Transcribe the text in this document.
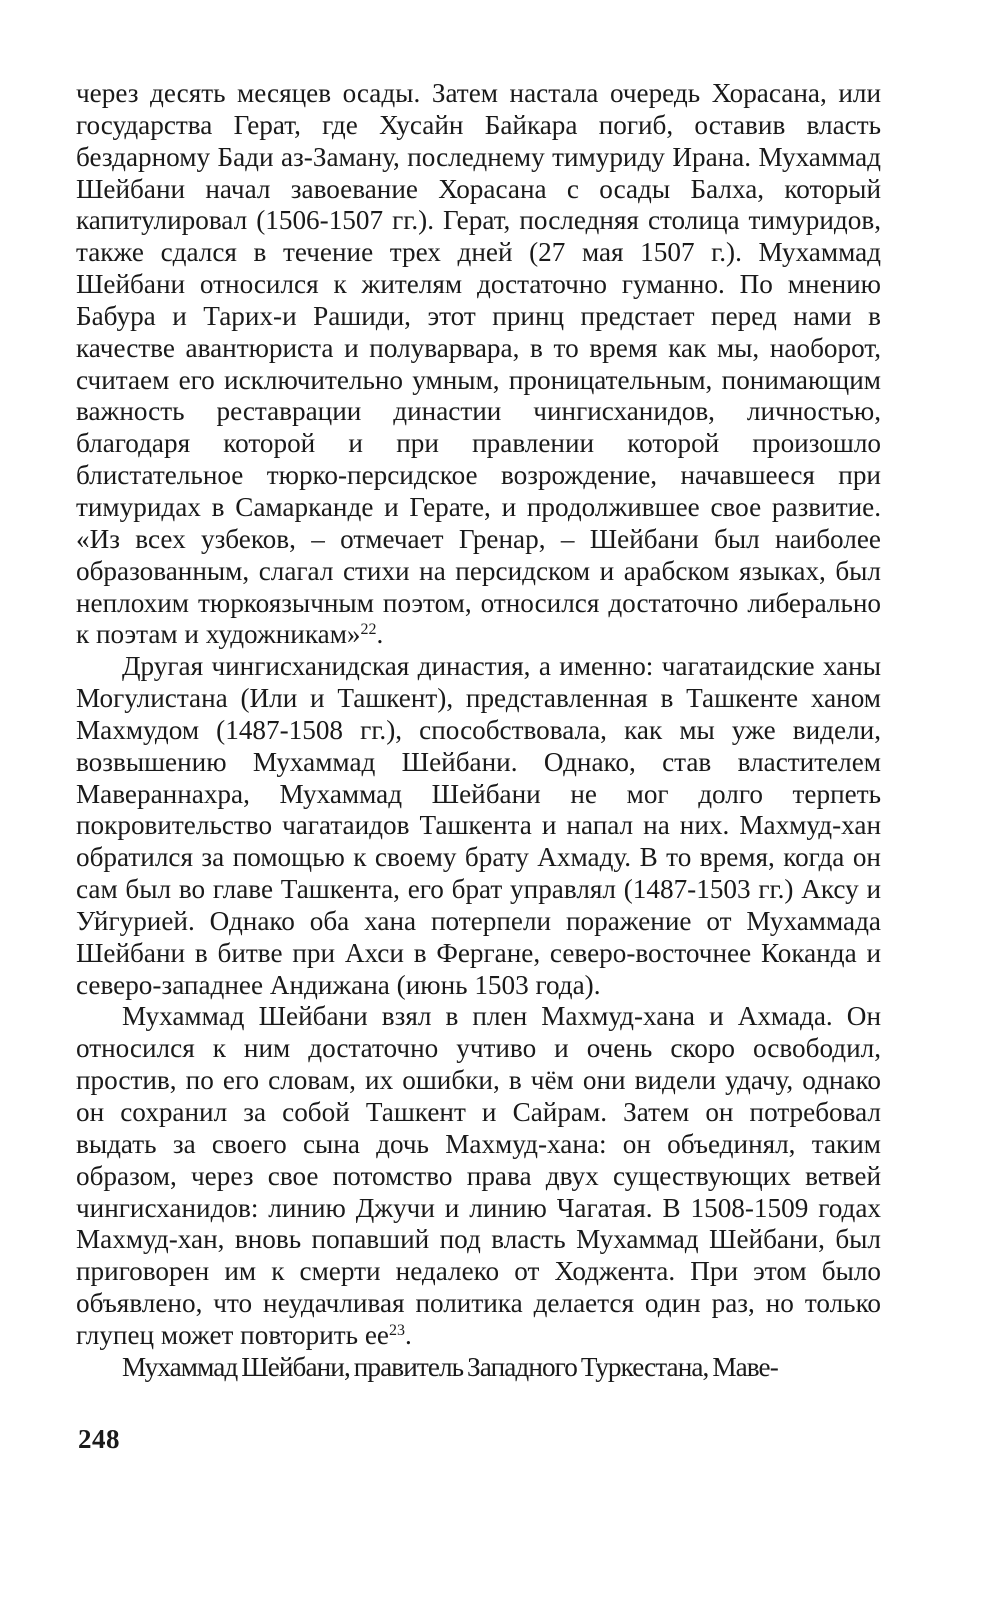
через десять месяцев осады. Затем настала очередь Хорасана, или государства Герат, где Хусайн Байкара погиб, оставив власть бездарному Бади аз-Заману, последнему тимуриду Ирана. Мухаммад Шейбани начал завоевание Хорасана с осады Балха, который капитулировал (1506-1507 гг.). Герат, последняя столица тимуридов, также сдался в течение трех дней (27 мая 1507 г.). Мухаммад Шейбани относился к жителям достаточно гуманно. По мнению Бабура и Тарих-и Рашиди, этот принц предстает перед нами в качестве авантюриста и полуварвара, в то время как мы, наоборот, считаем его исключительно умным, проницательным, понимающим важность реставрации династии чингисханидов, личностью, благодаря которой и при правлении которой произошло блистательное тюрко-персидское возрождение, начавшееся при тимуридах в Самарканде и Герате, и продолжившее свое развитие. «Из всех узбеков, – отмечает Гренар, – Шейбани был наиболее образованным, слагал стихи на персидском и арабском языках, был неплохим тюркоязычным поэтом, относился достаточно либерально к поэтам и художникам»$^{22}$.

Другая чингисханидская династия, а именно: чагатаидские ханы Могулистана (Или и Ташкент), представленная в Ташкенте ханом Махмудом (1487-1508 гг.), способствовала, как мы уже видели, возвышению Мухаммад Шейбани. Однако, став властителем Мавераннахра, Мухаммад Шейбани не мог долго терпеть покровительство чагатаидов Ташкента и напал на них. Махмуд-хан обратился за помощью к своему брату Ахмаду. В то время, когда он сам был во главе Ташкента, его брат управлял (1487-1503 гг.) Аксу и Уйгурией. Однако оба хана потерпели поражение от Мухаммада Шейбани в битве при Ахси в Фергане, северо-восточнее Коканда и северо-западнее Андижана (июнь 1503 года).

Мухаммад Шейбани взял в плен Махмуд-хана и Ахмада. Он относился к ним достаточно учтиво и очень скоро освободил, простив, по его словам, их ошибки, в чём они видели удачу, однако он сохранил за собой Ташкент и Сайрам. Затем он потребовал выдать за своего сына дочь Махмуд-хана: он объединял, таким образом, через свое потомство права двух существующих ветвей чингисханидов: линию Джучи и линию Чагатая. В 1508-1509 годах Махмуд-хан, вновь попавший под власть Мухаммад Шейбани, был приговорен им к смерти недалеко от Ходжента. При этом было объявлено, что неудачливая политика делается один раз, но только глупец может повторить $ее^{23}$.

Мухаммад Шейбани, правитель Западного Туркестана, Маве-

248
